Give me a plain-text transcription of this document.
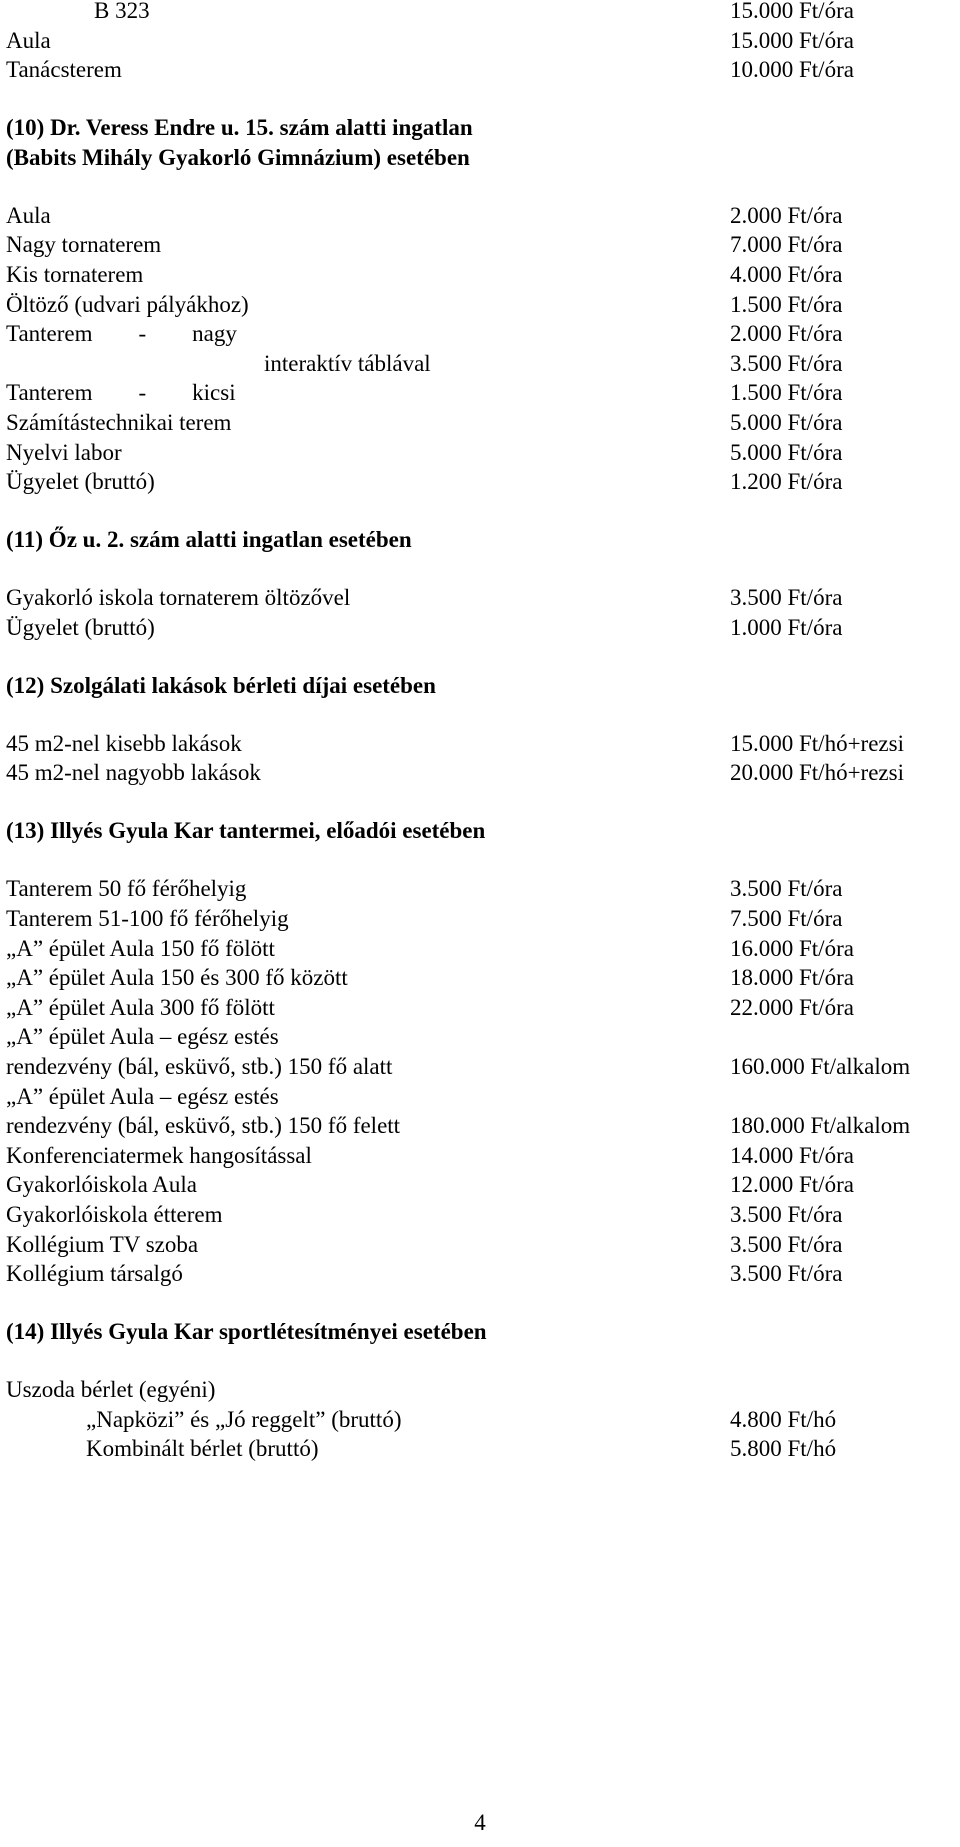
B 323	15.000 Ft/óra
Aula	15.000 Ft/óra
Tanácsterem	10.000 Ft/óra
(10) Dr. Veress Endre u. 15. szám alatti ingatlan
(Babits Mihály Gyakorló Gimnázium) esetében
Aula	2.000 Ft/óra
Nagy tornaterem	7.000 Ft/óra
Kis tornaterem	4.000 Ft/óra
Öltöző (udvari pályákhoz)	1.500 Ft/óra
Tanterem        -        nagy	2.000 Ft/óra
interaktív táblával	3.500 Ft/óra
Tanterem        -        kicsi	1.500 Ft/óra
Számítástechnikai terem	5.000 Ft/óra
Nyelvi labor	5.000 Ft/óra
Ügyelet (bruttó)	1.200 Ft/óra
(11) Őz u. 2. szám alatti ingatlan esetében
Gyakorló iskola tornaterem öltözővel	3.500 Ft/óra
Ügyelet (bruttó)	1.000 Ft/óra
(12) Szolgálati lakások bérleti díjai esetében
45 m2-nel kisebb lakások	15.000 Ft/hó+rezsi
45 m2-nel nagyobb lakások	20.000 Ft/hó+rezsi
(13) Illyés Gyula Kar tantermei, előadói esetében
Tanterem 50 fő férőhelyig	3.500 Ft/óra
Tanterem 51-100 fő férőhelyig	7.500 Ft/óra
„A” épület Aula 150 fő fölött	16.000 Ft/óra
„A” épület Aula 150 és 300 fő között	18.000 Ft/óra
„A” épület Aula 300 fő fölött	22.000 Ft/óra
„A” épület Aula – egész estés
rendezvény (bál, esküvő, stb.) 150 fő alatt	160.000 Ft/alkalom
„A” épület Aula – egész estés
rendezvény (bál, esküvő, stb.) 150 fő felett	180.000 Ft/alkalom
Konferenciatermek hangosítással	14.000 Ft/óra
Gyakorlóiskola Aula	12.000 Ft/óra
Gyakorlóiskola étterem	3.500 Ft/óra
Kollégium TV szoba	3.500 Ft/óra
Kollégium társalgó	3.500 Ft/óra
(14) Illyés Gyula Kar sportlétesítményei esetében
Uszoda bérlet (egyéni)
„Napközi” és „Jó reggelt” (bruttó)	4.800 Ft/hó
Kombinált bérlet (bruttó)	5.800 Ft/hó
4
